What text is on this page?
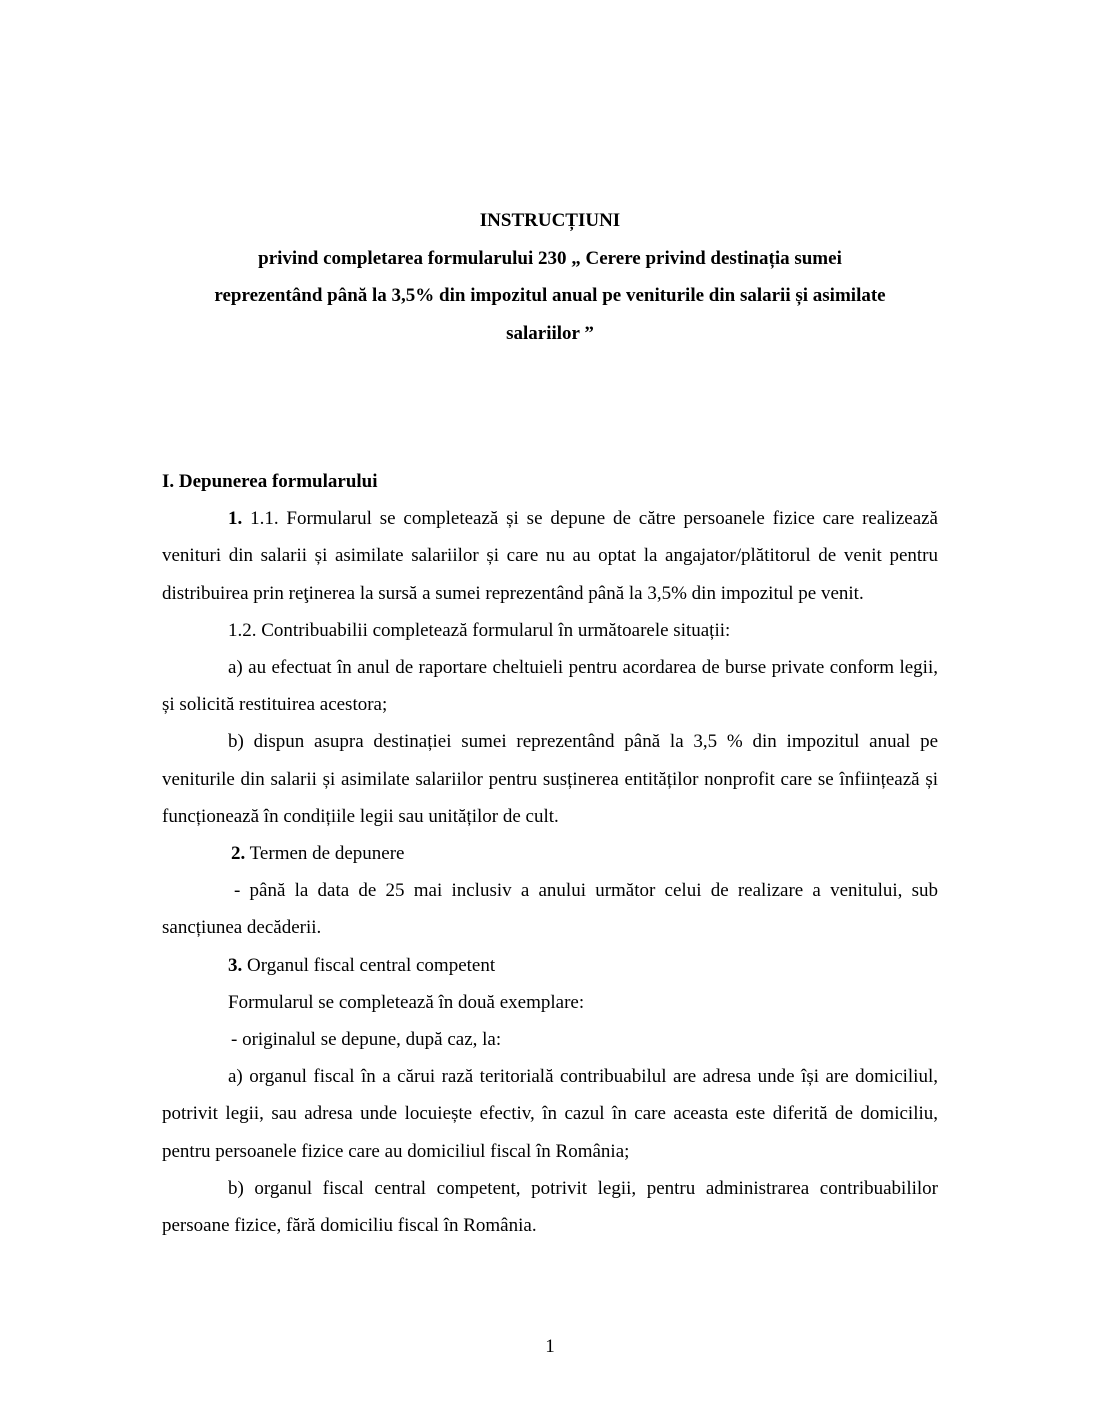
INSTRUCȚIUNI
privind completarea formularului 230 „ Cerere privind destinația sumei
reprezentând până la 3,5% din impozitul anual pe veniturile din salarii și asimilate
salariilor ”

I. Depunerea formularului

1. 1.1. Formularul se completează și se depune de către persoanele fizice care realizează venituri din salarii și asimilate salariilor și care nu au optat la angajator/plătitorul de venit pentru distribuirea prin reţinerea la sursă a sumei reprezentând până la 3,5% din impozitul pe venit.

1.2. Contribuabilii completează formularul în următoarele situații:

a) au efectuat în anul de raportare cheltuieli pentru acordarea de burse private conform legii, și solicită restituirea acestora;

b) dispun asupra destinației sumei reprezentând până la 3,5 % din impozitul anual pe veniturile din salarii și asimilate salariilor pentru susținerea entităților nonprofit care se înființează și funcționează în condițiile legii sau unităților de cult.

2. Termen de depunere

- până la data de 25 mai inclusiv a anului următor celui de realizare a venitului, sub sancțiunea decăderii.

3. Organul fiscal central competent

Formularul se completează în două exemplare:

- originalul se depune, după caz, la:

a) organul fiscal în a cărui rază teritorială contribuabilul are adresa unde își are domiciliul, potrivit legii, sau adresa unde locuiește efectiv, în cazul în care aceasta este diferită de domiciliu, pentru persoanele fizice care au domiciliul fiscal în România;

b) organul fiscal central competent, potrivit legii, pentru administrarea contribuabililor persoane fizice, fără domiciliu fiscal în România.

1
